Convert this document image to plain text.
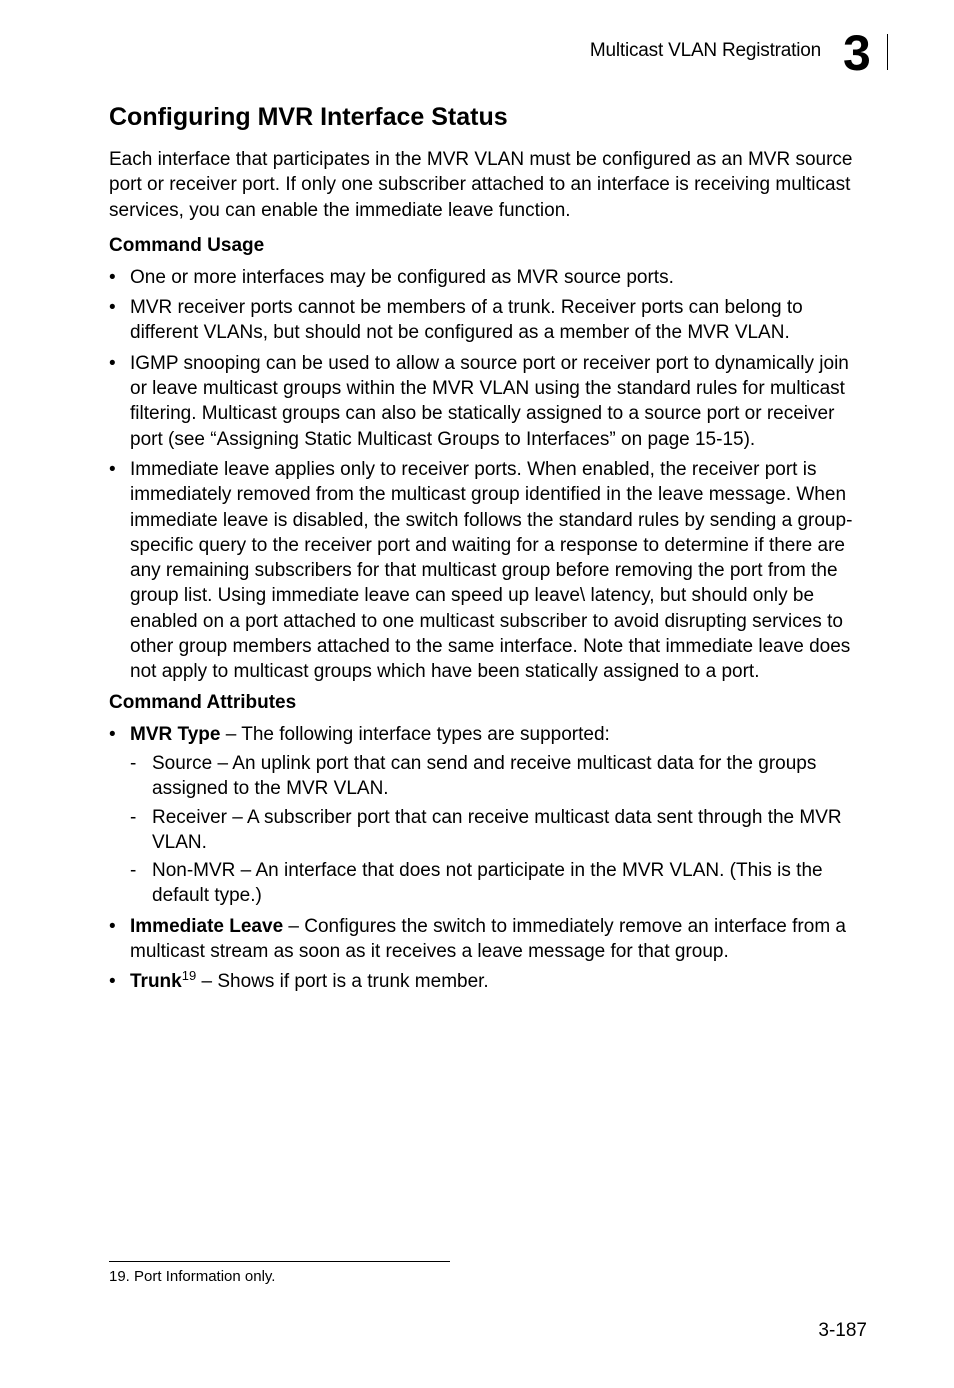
Multicast VLAN Registration 3
Configuring MVR Interface Status

Each interface that participates in the MVR VLAN must be configured as an MVR source port or receiver port. If only one subscriber attached to an interface is receiving multicast services, you can enable the immediate leave function.

Command Usage
• One or more interfaces may be configured as MVR source ports.
• MVR receiver ports cannot be members of a trunk. Receiver ports can belong to different VLANs, but should not be configured as a member of the MVR VLAN.
• IGMP snooping can be used to allow a source port or receiver port to dynamically join or leave multicast groups within the MVR VLAN using the standard rules for multicast filtering. Multicast groups can also be statically assigned to a source port or receiver port (see “Assigning Static Multicast Groups to Interfaces” on page 15-15).
• Immediate leave applies only to receiver ports. When enabled, the receiver port is immediately removed from the multicast group identified in the leave message. When immediate leave is disabled, the switch follows the standard rules by sending a group-specific query to the receiver port and waiting for a response to determine if there are any remaining subscribers for that multicast group before removing the port from the group list. Using immediate leave can speed up leave\ latency, but should only be enabled on a port attached to one multicast subscriber to avoid disrupting services to other group members attached to the same interface. Note that immediate leave does not apply to multicast groups which have been statically assigned to a port.
Command Attributes
• MVR Type – The following interface types are supported:
- Source – An uplink port that can send and receive multicast data for the groups assigned to the MVR VLAN.
- Receiver – A subscriber port that can receive multicast data sent through the MVR VLAN.
- Non-MVR – An interface that does not participate in the MVR VLAN. (This is the default type.)
• Immediate Leave – Configures the switch to immediately remove an interface from a multicast stream as soon as it receives a leave message for that group.
• Trunk$^{19}$ – Shows if port is a trunk member.
19. Port Information only.
3-187
